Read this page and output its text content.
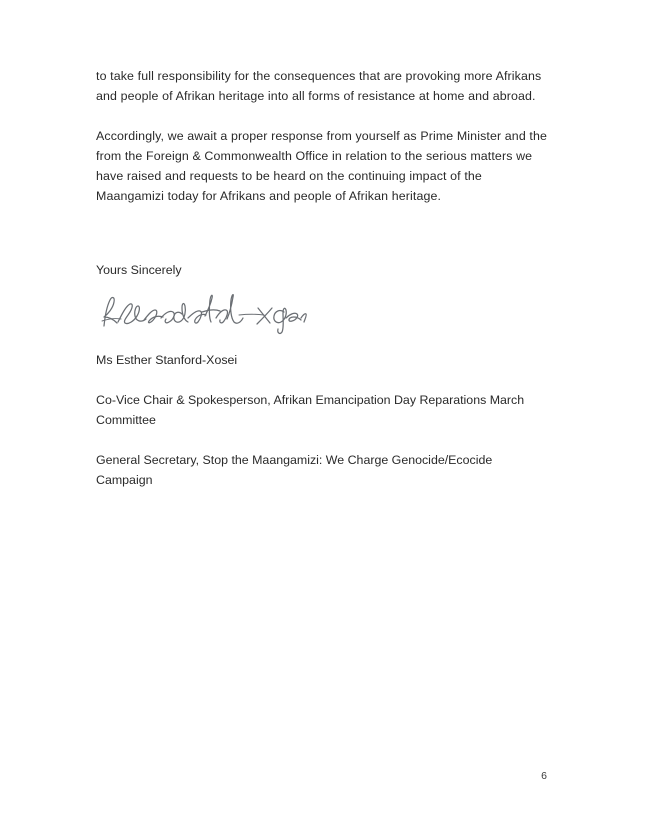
to take full responsibility for the consequences that are provoking more Afrikans and people of Afrikan heritage into all forms of resistance at home and abroad.

Accordingly, we await a proper response from yourself as Prime Minister and the from the Foreign & Commonwealth Office in relation to the serious matters we have raised and requests to be heard on the continuing impact of the Maangamizi today for Afrikans and people of Afrikan heritage.

Yours Sincerely

Ms Esther Stanford-Xosei

Co-Vice Chair & Spokesperson, Afrikan Emancipation Day Reparations March Committee

General Secretary, Stop the Maangamizi: We Charge Genocide/Ecocide Campaign

6
